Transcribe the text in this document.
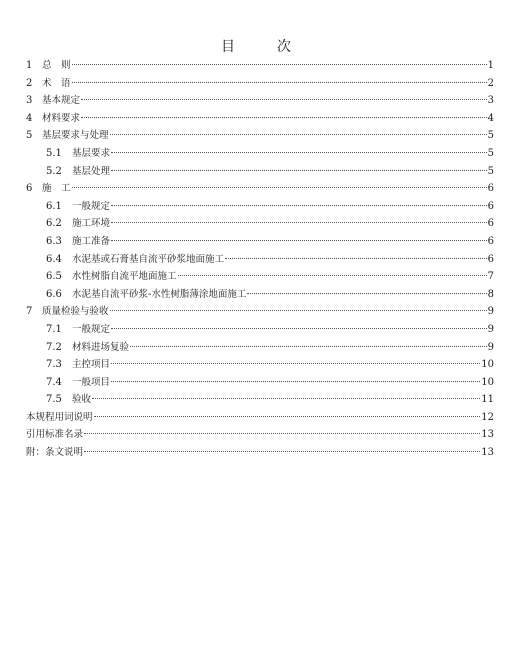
目　次
1	总　则	1
2	术　语	2
3	基本规定	3
4	材料要求	4
5	基层要求与处理	5
5.1	基层要求	5
5.2	基层处理	5
6	施　工	6
6.1	一般规定	6
6.2	施工环境	6
6.3	施工准备	6
6.4	水泥基或石膏基自流平砂浆地面施工	6
6.5	水性树脂自流平地面施工	7
6.6	水泥基自流平砂浆-水性树脂薄涂地面施工	8
7	质量检验与验收	9
7.1	一般规定	9
7.2	材料进场复验	9
7.3	主控项目	10
7.4	一般项目	10
7.5	验收	11
本规程用词说明	12
引用标准名录	13
附：条文说明	13
